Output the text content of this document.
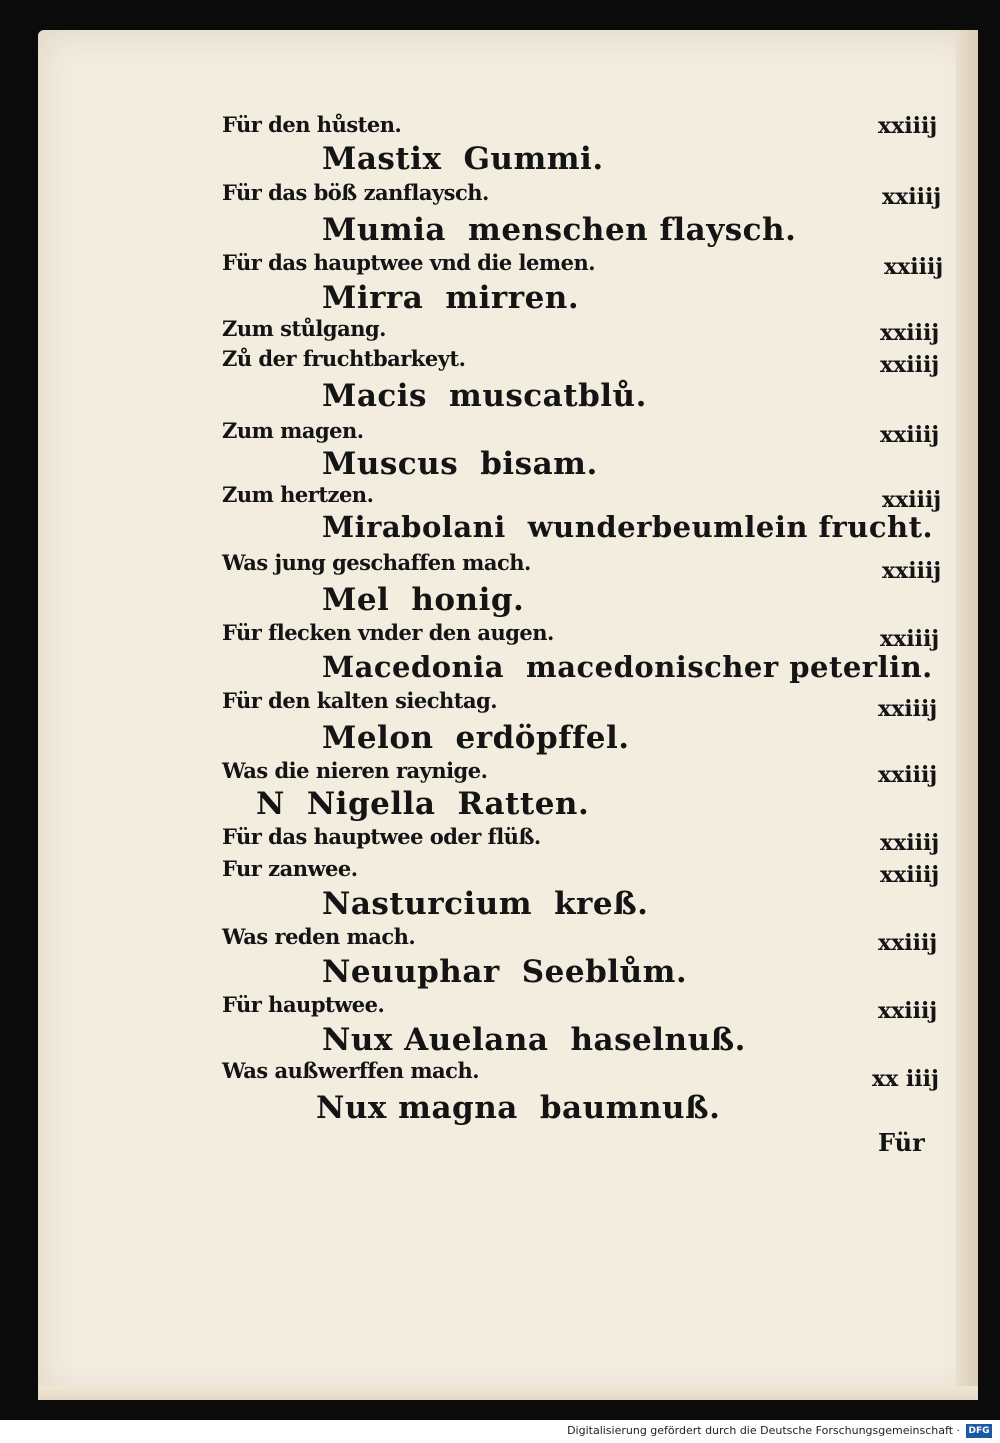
Für den hůsten.	xxiiij
Mastix Gummi.
Für das böß zanflaysch.	xxiiij
Mumia menschen flaysch.
Für das hauptwee vnd die lemen.	xxiiij
Mirra mirren.
Zum stůlgang.	xxiiij
Zů der fruchtbarkeyt.	xxiiij
Macis muscatblů.
Zum magen.	xxiiij
Muscus bisam.
Zum hertzen.	xxiiij
Mirabolani wunderbeumlein frucht.
Was jung geschaffen mach.	xxiiij
Mel honig.
Für flecken vnder den augen.	xxiiij
Macedonia macedonischer peterlin.
Für den kalten siechtag.	xxiiij
Melon erdöpffel.
Was die nieren raynige.	xxiiij
N Nigella Ratten.
Für das hauptwee oder flüß.	xxiiij
Fur zanwee.	xxiiij
Nasturcium kreß.
Was reden mach.	xxiiij
Neuuphar Seeblům.
Für hauptwee.	xxiiij
Nux Auelana haselnuß.
Was außwerffen mach.	xx iiij
Nux magna baumnuß.
Für
Digitalisierung gefördert durch die Deutsche Forschungsgemeinschaft · DFG
